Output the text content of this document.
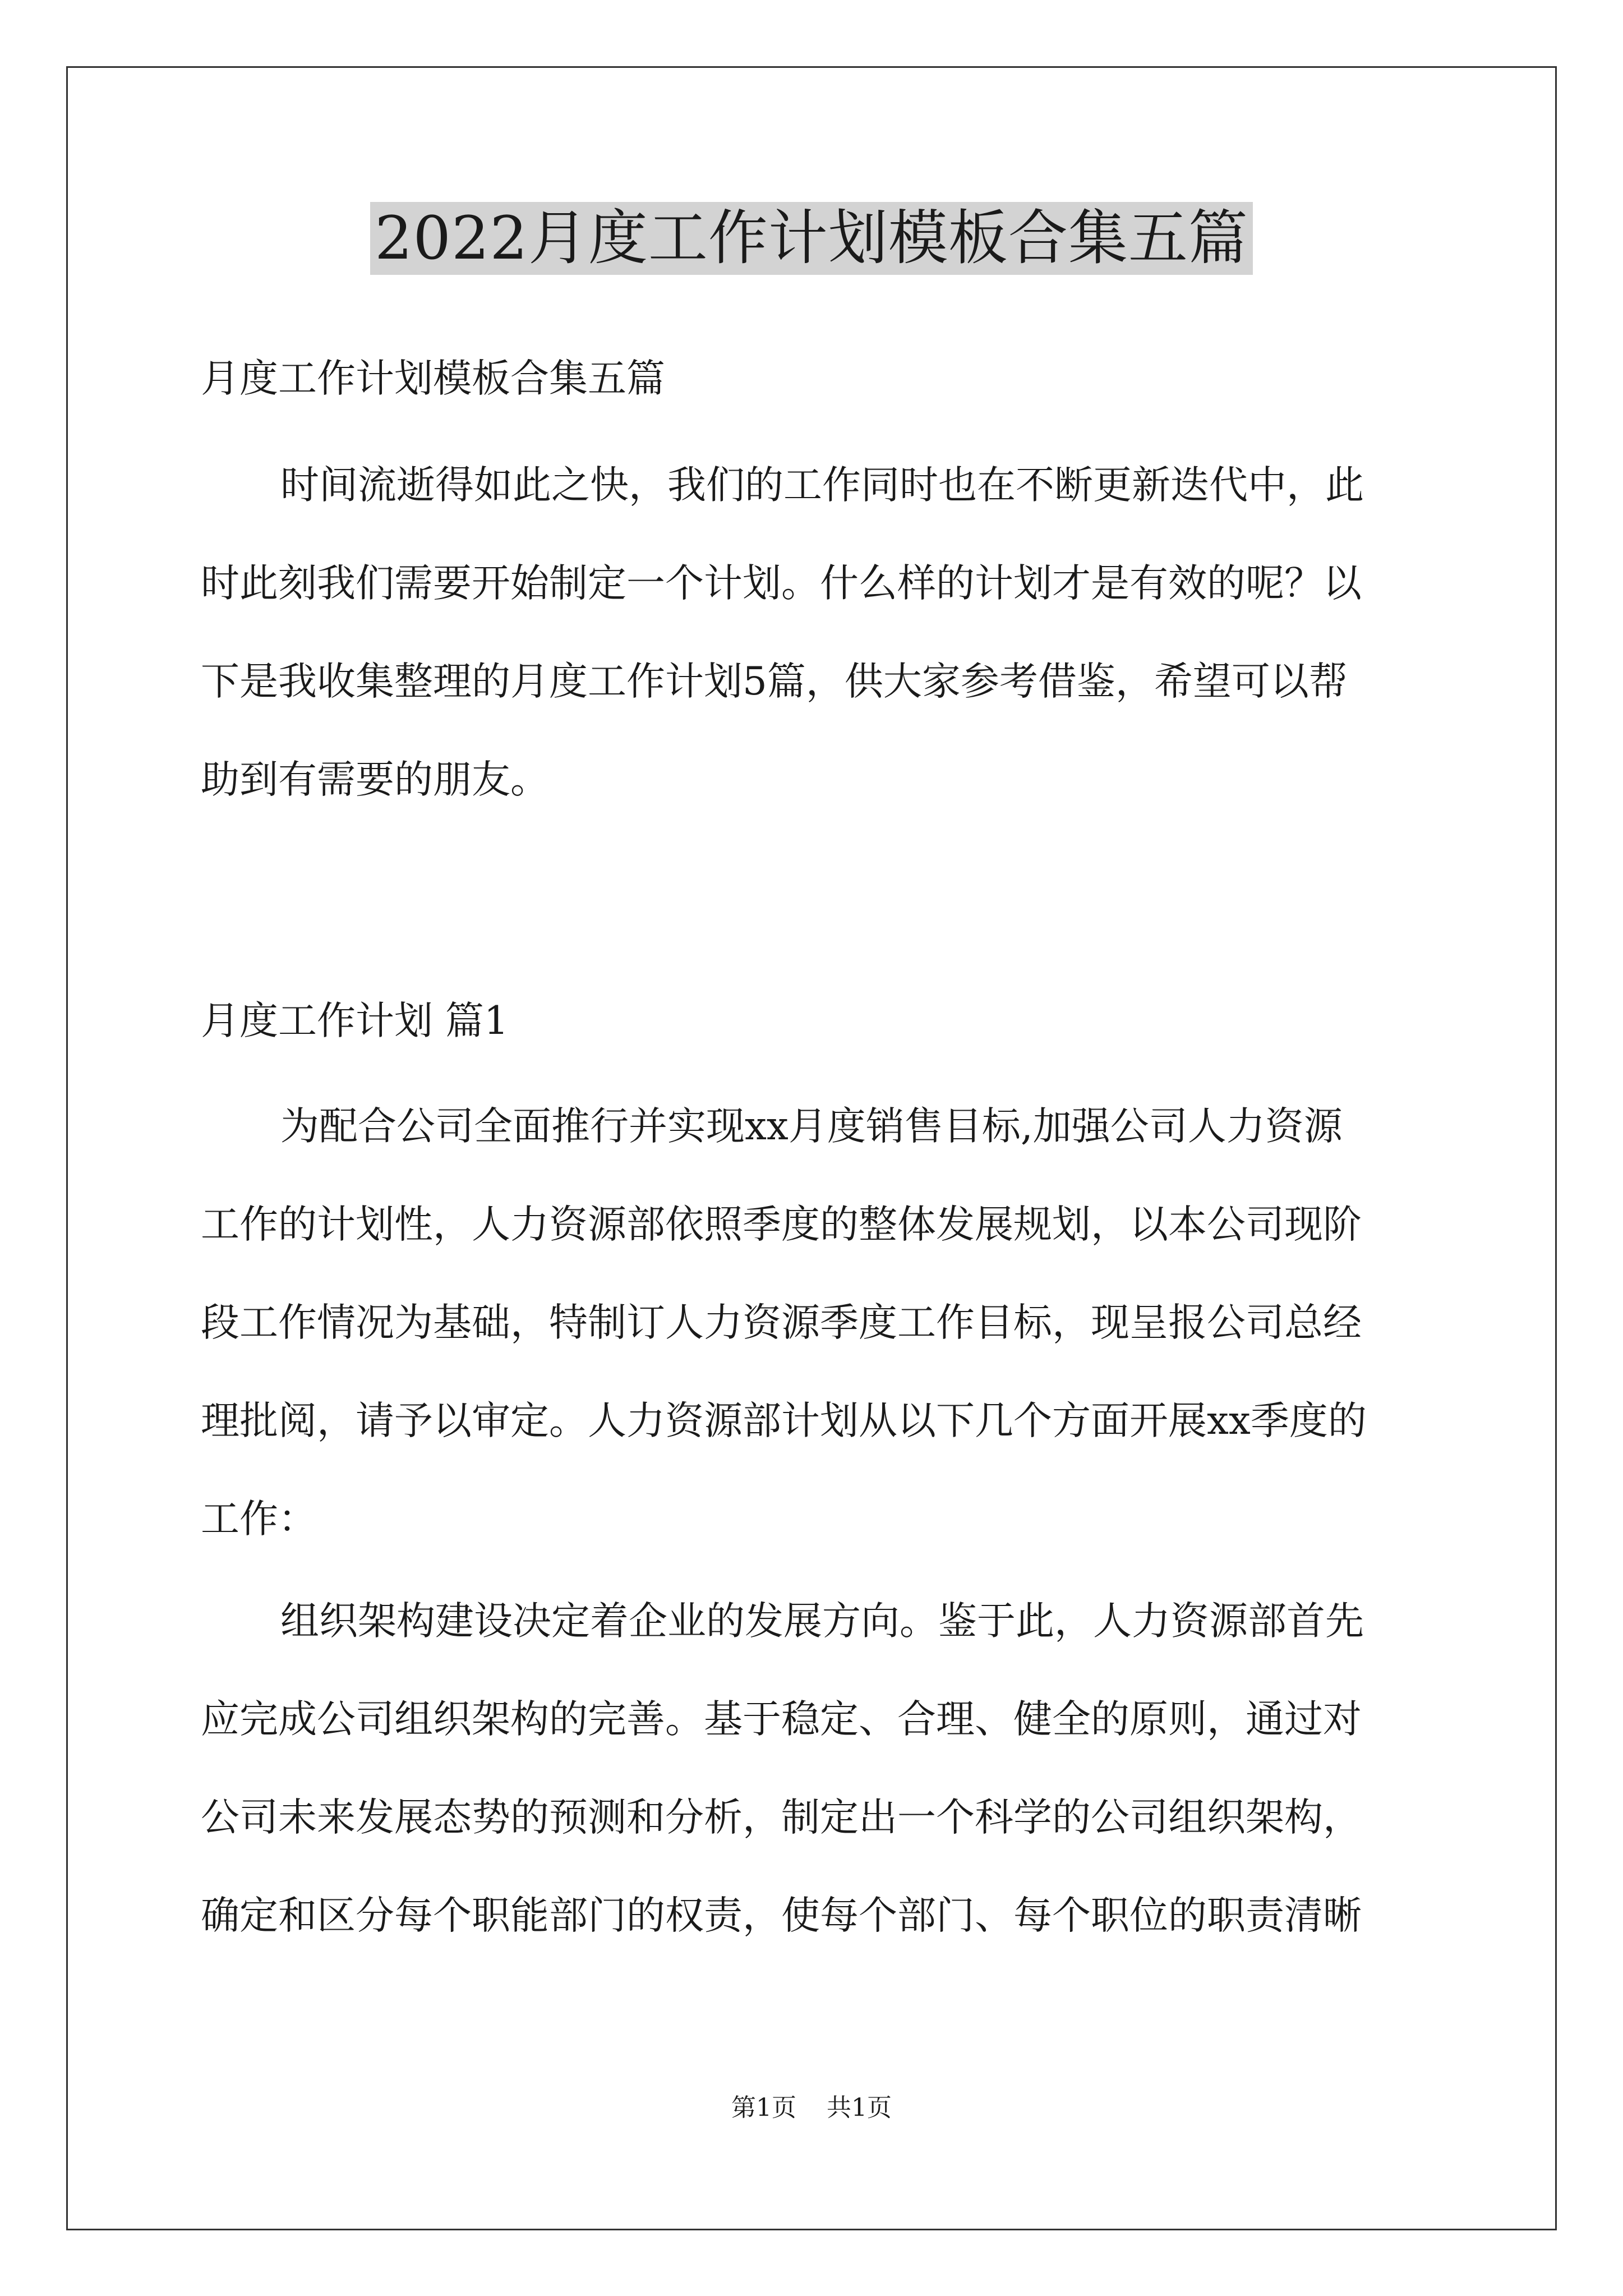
2022月度工作计划模板合集五篇
月度工作计划模板合集五篇
时间流逝得如此之快，我们的工作同时也在不断更新迭代中，此
时此刻我们需要开始制定一个计划。什么样的计划才是有效的呢？以
下是我收集整理的月度工作计划5篇，供大家参考借鉴，希望可以帮
助到有需要的朋友。
月度工作计划 篇1
为配合公司全面推行并实现xx月度销售目标,加强公司人力资源
工作的计划性，人力资源部依照季度的整体发展规划，以本公司现阶
段工作情况为基础，特制订人力资源季度工作目标，现呈报公司总经
理批阅，请予以审定。人力资源部计划从以下几个方面开展xx季度的
工作：
组织架构建设决定着企业的发展方向。鉴于此，人力资源部首先
应完成公司组织架构的完善。基于稳定、合理、健全的原则，通过对
公司未来发展态势的预测和分析，制定出一个科学的公司组织架构，
确定和区分每个职能部门的权责，使每个部门、每个职位的职责清晰
第1页 共1页
